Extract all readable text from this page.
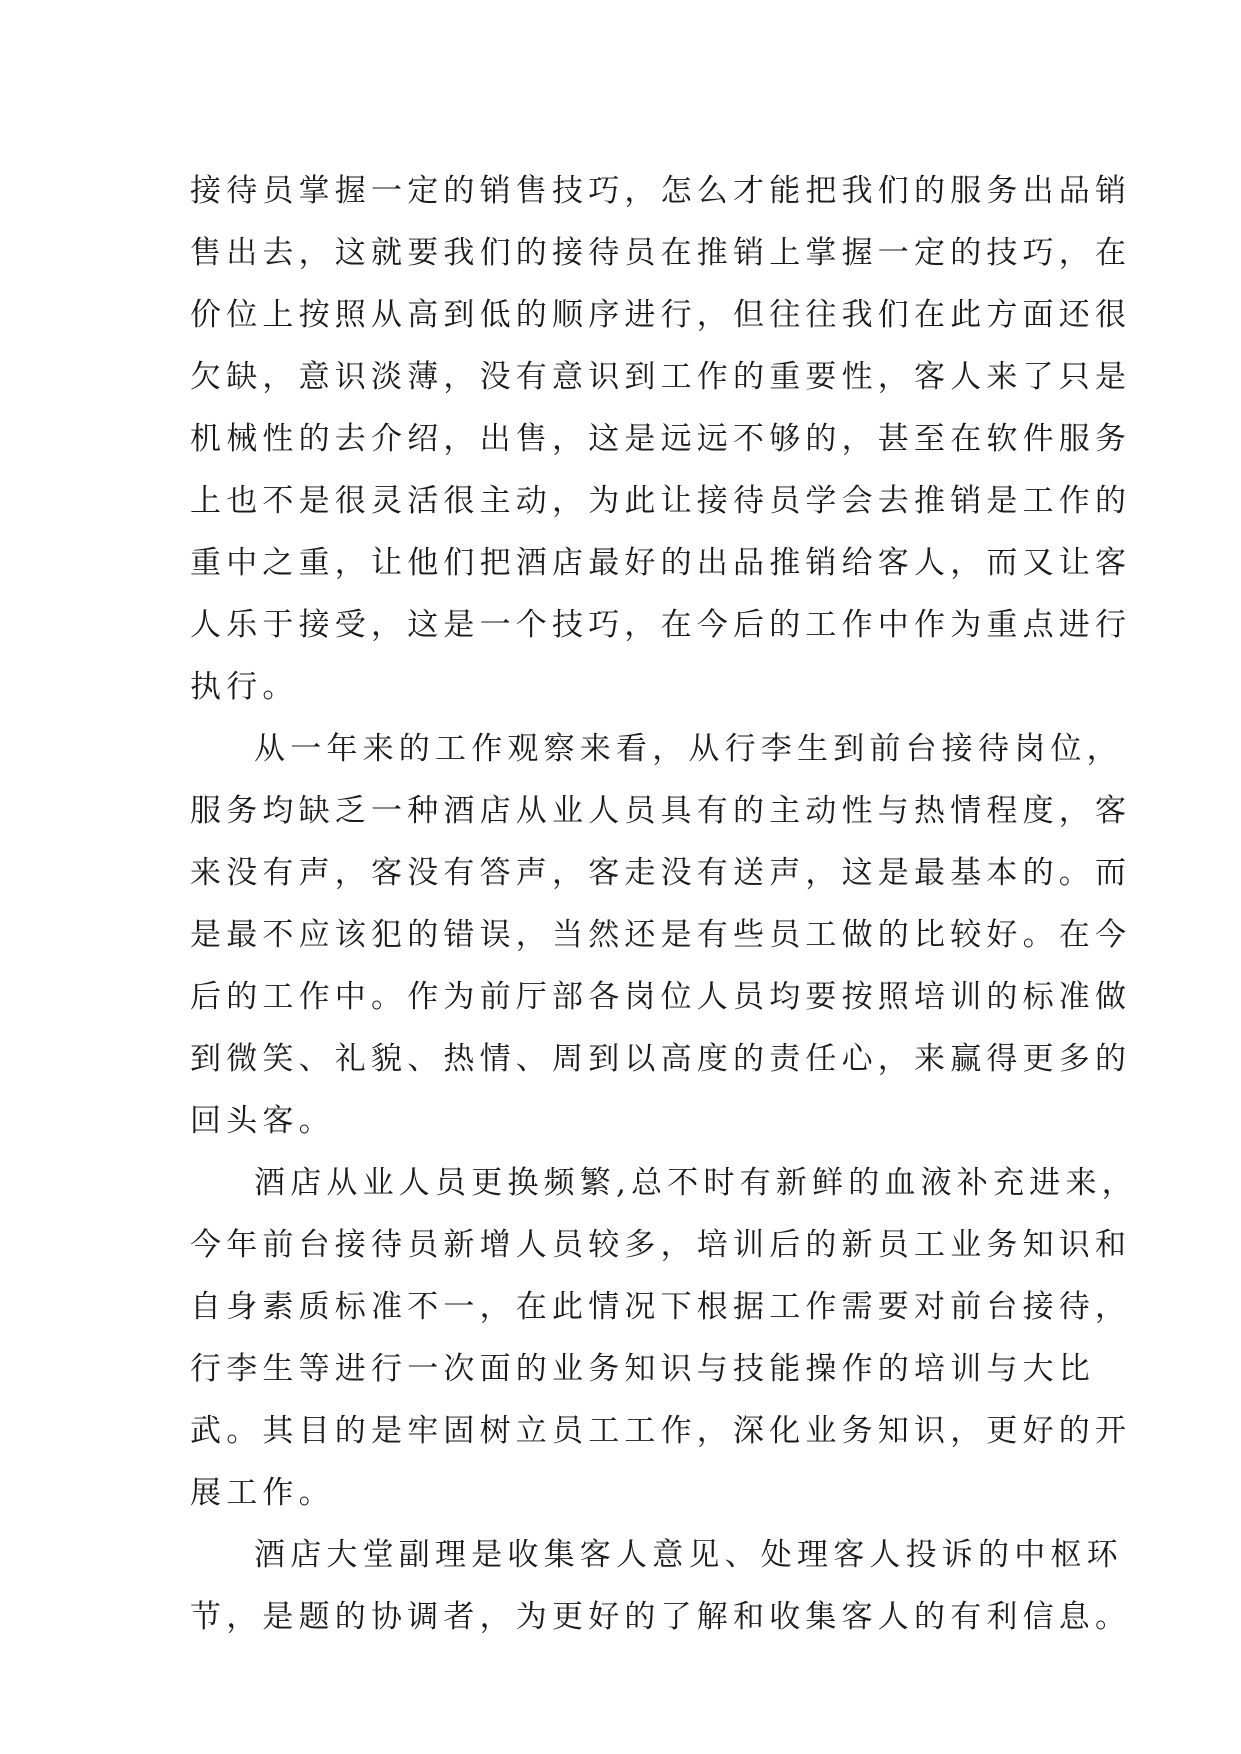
接待员掌握一定的销售技巧，怎么才能把我们的服务出品销
售出去，这就要我们的接待员在推销上掌握一定的技巧，在
价位上按照从高到低的顺序进行，但往往我们在此方面还很
欠缺，意识淡薄，没有意识到工作的重要性，客人来了只是
机械性的去介绍，出售，这是远远不够的，甚至在软件服务
上也不是很灵活很主动，为此让接待员学会去推销是工作的
重中之重，让他们把酒店最好的出品推销给客人，而又让客
人乐于接受，这是一个技巧，在今后的工作中作为重点进行
执行。
从一年来的工作观察来看，从行李生到前台接待岗位，
服务均缺乏一种酒店从业人员具有的主动性与热情程度，客
来没有声，客没有答声，客走没有送声，这是最基本的。而
是最不应该犯的错误，当然还是有些员工做的比较好。在今
后的工作中。作为前厅部各岗位人员均要按照培训的标准做
到微笑、礼貌、热情、周到以高度的责任心，来赢得更多的
回头客。
酒店从业人员更换频繁,总不时有新鲜的血液补充进来，
今年前台接待员新增人员较多，培训后的新员工业务知识和
自身素质标准不一，在此情况下根据工作需要对前台接待，
行李生等进行一次面的业务知识与技能操作的培训与大比
武。其目的是牢固树立员工工作，深化业务知识，更好的开
展工作。
酒店大堂副理是收集客人意见、处理客人投诉的中枢环
节，是题的协调者，为更好的了解和收集客人的有利信息。
